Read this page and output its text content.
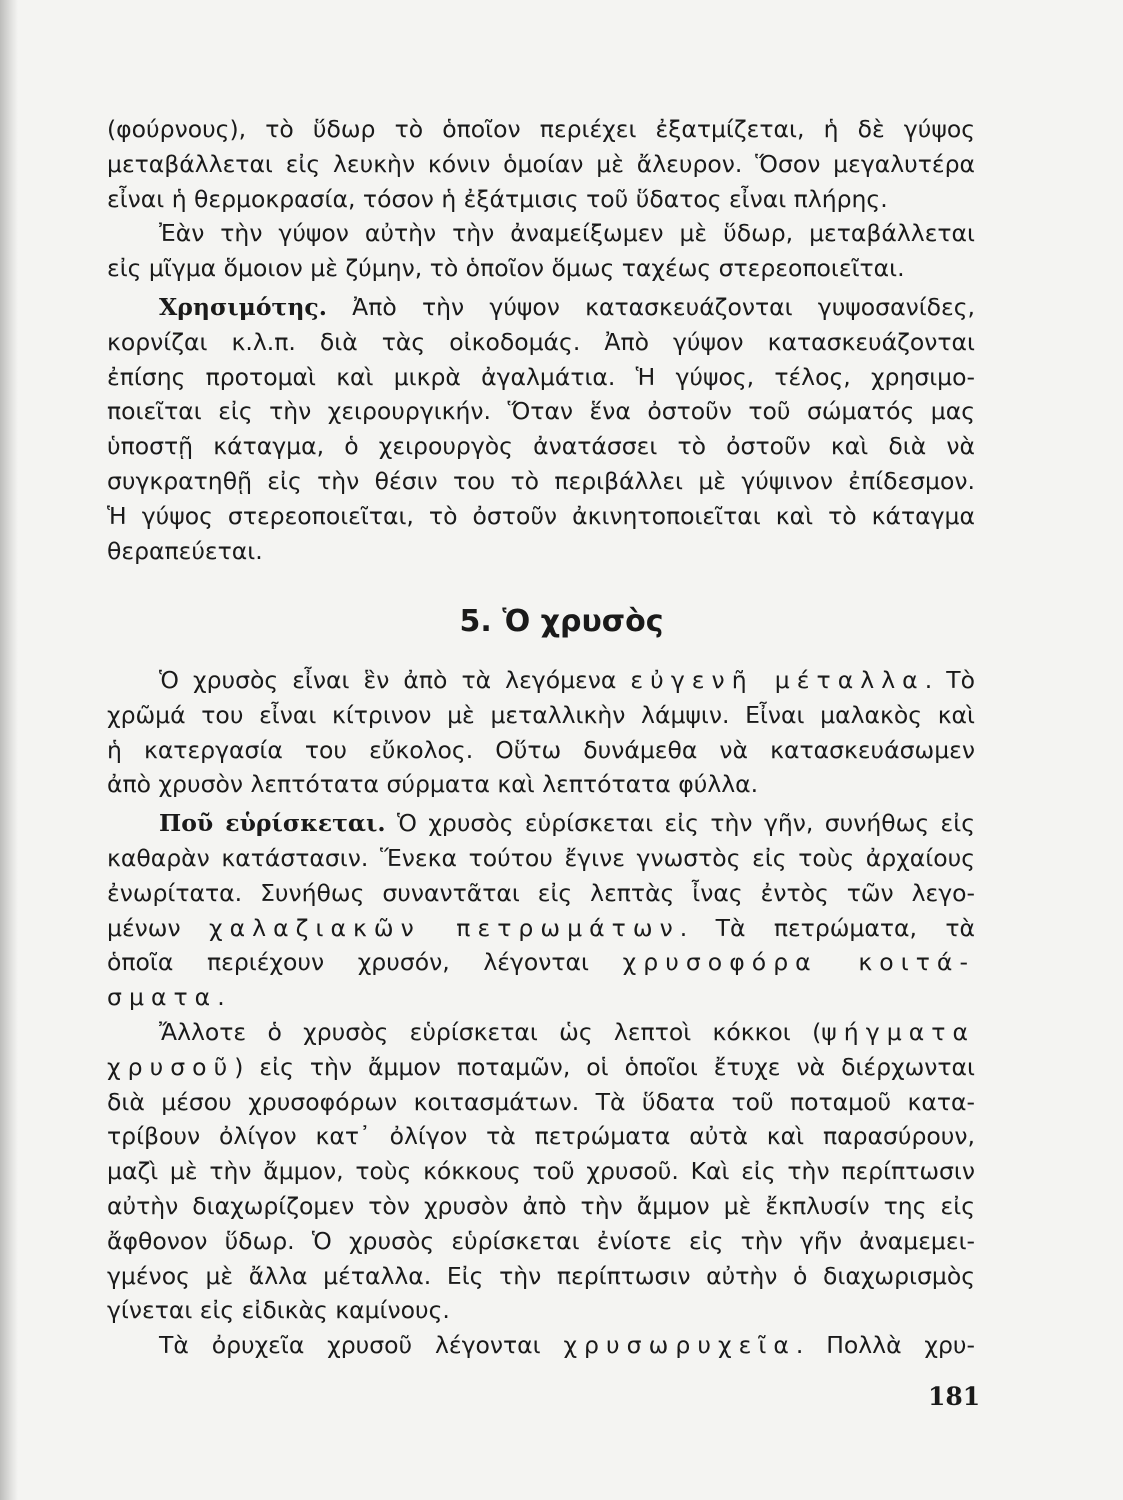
(φούρνους), τὸ ὕδωρ τὸ ὁποῖον περιέχει ἐξατμίζεται, ἡ δὲ γύψος
μεταβάλλεται εἰς λευκὴν κόνιν ὁμοίαν μὲ ἄλευρον. Ὅσον μεγαλυτέρα
εἶναι ἡ θερμοκρασία, τόσον ἡ ἐξάτμισις τοῦ ὕδατος εἶναι πλήρης.
Ἐὰν τὴν γύψον αὐτὴν τὴν ἀναμείξωμεν μὲ ὕδωρ, μεταβάλλεται
εἰς μῖγμα ὅμοιον μὲ ζύμην, τὸ ὁποῖον ὅμως ταχέως στερεοποιεῖται.
Χρησιμότης. Ἀπὸ τὴν γύψον κατασκευάζονται γυψοσανίδες,
κορνίζαι κ.λ.π. διὰ τὰς οἰκοδομάς. Ἀπὸ γύψον κατασκευάζονται
ἐπίσης προτομαὶ καὶ μικρὰ ἀγαλμάτια. Ἡ γύψος, τέλος, χρησιμο-
ποιεῖται εἰς τὴν χειρουργικήν. Ὅταν ἕνα ὀστοῦν τοῦ σώματός μας
ὑποστῇ κάταγμα, ὁ χειρουργὸς ἀνατάσσει τὸ ὀστοῦν καὶ διὰ νὰ
συγκρατηθῇ εἰς τὴν θέσιν του τὸ περιβάλλει μὲ γύψινον ἐπίδεσμον.
Ἡ γύψος στερεοποιεῖται, τὸ ὀστοῦν ἀκινητοποιεῖται καὶ τὸ κάταγμα
θεραπεύεται.
5. Ὁ χρυσὸς
Ὁ χρυσὸς εἶναι ἓν ἀπὸ τὰ λεγόμενα εὐγενῆ μέταλλα. Τὸ
χρῶμά του εἶναι κίτρινον μὲ μεταλλικὴν λάμψιν. Εἶναι μαλακὸς καὶ
ἡ κατεργασία του εὔκολος. Οὕτω δυνάμεθα νὰ κατασκευάσωμεν
ἀπὸ χρυσὸν λεπτότατα σύρματα καὶ λεπτότατα φύλλα.
Ποῦ εὑρίσκεται. Ὁ χρυσὸς εὑρίσκεται εἰς τὴν γῆν, συνήθως εἰς
καθαρὰν κατάστασιν. Ἕνεκα τούτου ἔγινε γνωστὸς εἰς τοὺς ἀρχαίους
ἐνωρίτατα. Συνήθως συναντᾶται εἰς λεπτὰς ἶνας ἐντὸς τῶν λεγο-
μένων χαλαζιακῶν πετρωμάτων. Τὰ πετρώματα, τὰ
ὁποῖα περιέχουν χρυσόν, λέγονται χρυσοφόρα κοιτά-
σματα.
Ἄλλοτε ὁ χρυσὸς εὑρίσκεται ὡς λεπτοὶ κόκκοι (ψήγματα
χρυσοῦ) εἰς τὴν ἄμμον ποταμῶν, οἱ ὁποῖοι ἔτυχε νὰ διέρχωνται
διὰ μέσου χρυσοφόρων κοιτασμάτων. Τὰ ὕδατα τοῦ ποταμοῦ κατα-
τρίβουν ὀλίγον κατ᾽ ὀλίγον τὰ πετρώματα αὐτὰ καὶ παρασύρουν,
μαζὶ μὲ τὴν ἄμμον, τοὺς κόκκους τοῦ χρυσοῦ. Καὶ εἰς τὴν περίπτωσιν
αὐτὴν διαχωρίζομεν τὸν χρυσὸν ἀπὸ τὴν ἄμμον μὲ ἔκπλυσίν της εἰς
ἄφθονον ὕδωρ. Ὁ χρυσὸς εὑρίσκεται ἐνίοτε εἰς τὴν γῆν ἀναμεμει-
γμένος μὲ ἄλλα μέταλλα. Εἰς τὴν περίπτωσιν αὐτὴν ὁ διαχωρισμὸς
γίνεται εἰς εἰδικὰς καμίνους.
Τὰ ὀρυχεῖα χρυσοῦ λέγονται χρυσωρυχεῖα. Πολλὰ χρυ-
181
